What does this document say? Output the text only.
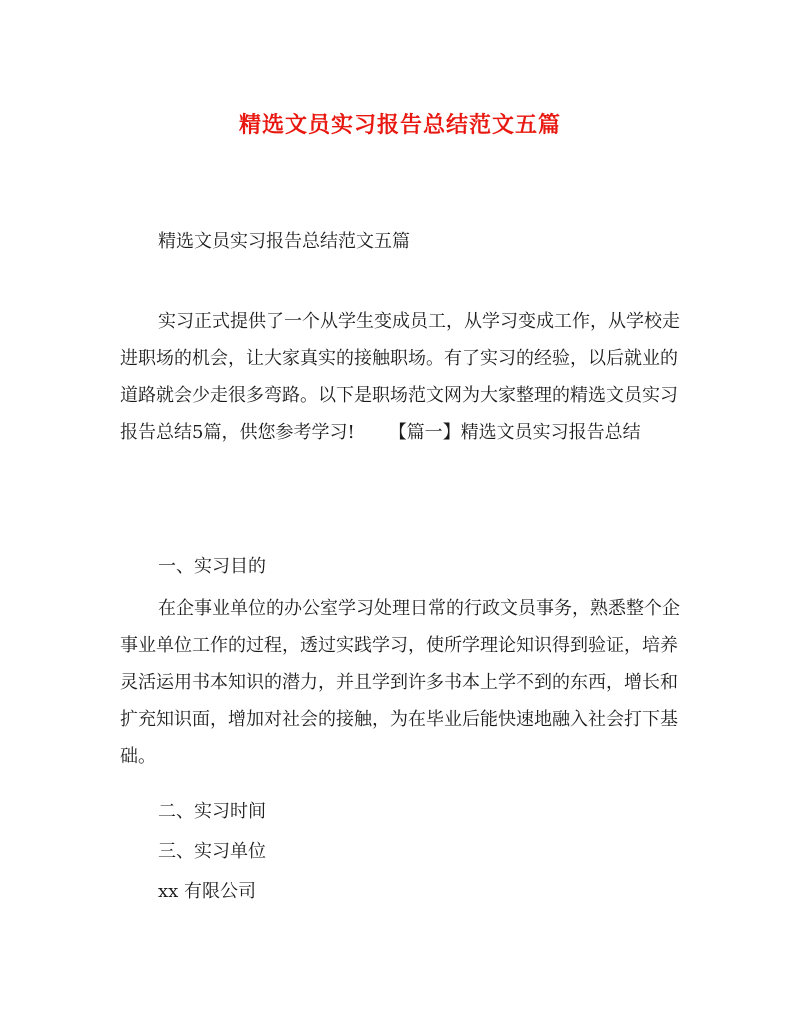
精选文员实习报告总结范文五篇

精选文员实习报告总结范文五篇

实习正式提供了一个从学生变成员工，从学习变成工作，从学校走进职场的机会，让大家真实的接触职场。有了实习的经验，以后就业的道路就会少走很多弯路。以下是职场范文网为大家整理的精选文员实习报告总结5篇，供您参考学习! 【篇一】精选文员实习报告总结

一、实习目的

在企事业单位的办公室学习处理日常的行政文员事务，熟悉整个企事业单位工作的过程，透过实践学习，使所学理论知识得到验证，培养灵活运用书本知识的潜力，并且学到许多书本上学不到的东西，增长和扩充知识面，增加对社会的接触，为在毕业后能快速地融入社会打下基础。

二、实习时间

三、实习单位

xx 有限公司
